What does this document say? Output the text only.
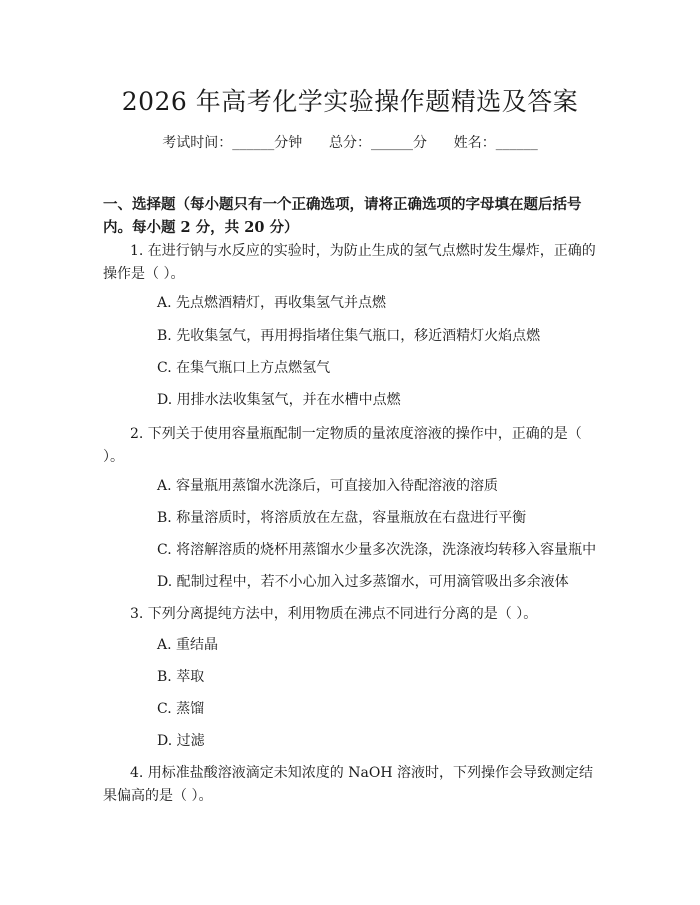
2026 年高考化学实验操作题精选及答案
考试时间：______分钟      总分：______分      姓名：______
一、选择题（每小题只有一个正确选项，请将正确选项的字母填在题后括号内。每小题 2 分，共 20 分）
1. 在进行钠与水反应的实验时，为防止生成的氢气点燃时发生爆炸，正确的操作是（ ）。
A. 先点燃酒精灯，再收集氢气并点燃
B. 先收集氢气，再用拇指堵住集气瓶口，移近酒精灯火焰点燃
C. 在集气瓶口上方点燃氢气
D. 用排水法收集氢气，并在水槽中点燃
2. 下列关于使用容量瓶配制一定物质的量浓度溶液的操作中，正确的是（ ）。
A. 容量瓶用蒸馏水洗涤后，可直接加入待配溶液的溶质
B. 称量溶质时，将溶质放在左盘，容量瓶放在右盘进行平衡
C. 将溶解溶质的烧杯用蒸馏水少量多次洗涤，洗涤液均转移入容量瓶中
D. 配制过程中，若不小心加入过多蒸馏水，可用滴管吸出多余液体
3. 下列分离提纯方法中，利用物质在沸点不同进行分离的是（ ）。
A. 重结晶
B. 萃取
C. 蒸馏
D. 过滤
4. 用标准盐酸溶液滴定未知浓度的 NaOH 溶液时，下列操作会导致测定结果偏高的是（ ）。
